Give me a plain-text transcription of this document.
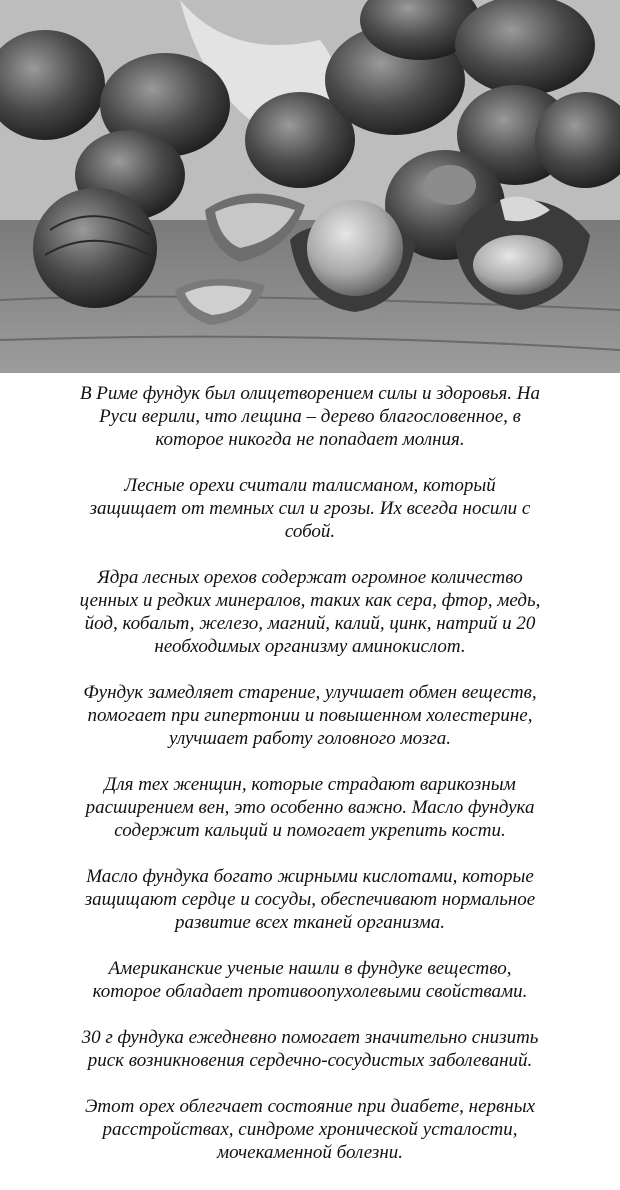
В Риме фундук был олицетворением силы и здоровья. На
Руси верили, что лещина – дерево благословенное, в
которое никогда не попадает молния.

Лесные орехи считали талисманом, который
защищает от темных сил и грозы. Их всегда носили с
собой.

Ядра лесных орехов содержат огромное количество
ценных и редких минералов, таких как сера, фтор, медь,
йод, кобальт, железо, магний, калий, цинк, натрий и 20
необходимых организму аминокислот.

Фундук замедляет старение, улучшает обмен веществ,
помогает при гипертонии и повышенном холестерине,
улучшает работу головного мозга.

Для тех женщин, которые страдают варикозным
расширением вен, это особенно важно. Масло фундука
содержит кальций и помогает укрепить кости.

Масло фундука богато жирными кислотами, которые
защищают сердце и сосуды, обеспечивают нормальное
развитие всех тканей организма.

Американские ученые нашли в фундуке вещество,
которое обладает противоопухолевыми свойствами.

30 г фундука ежедневно помогает значительно снизить
риск возникновения сердечно-сосудистых заболеваний.

Этот орех облегчает состояние при диабете, нервных
расстройствах, синдроме хронической усталости,
мочекаменной болезни.
